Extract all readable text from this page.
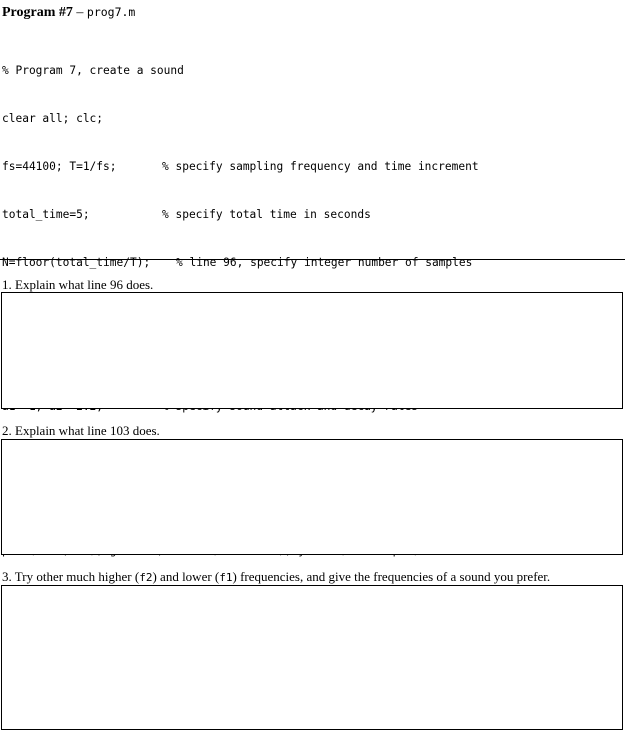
Program #7 – prog7.m

% Program 7, create a sound

clear all; clc;

fs=44100; T=1/fs;	% specify sampling frequency and time increment

total_time=5;	% specify total time in seconds

N=floor(total_time/T); % line 96, specify integer number of samples

1. Explain what line 96 does.
2. Explain what line 103 does.
3. Try other much higher (f2) and lower (f1) frequencies, and give the frequencies of a sound you prefer.
